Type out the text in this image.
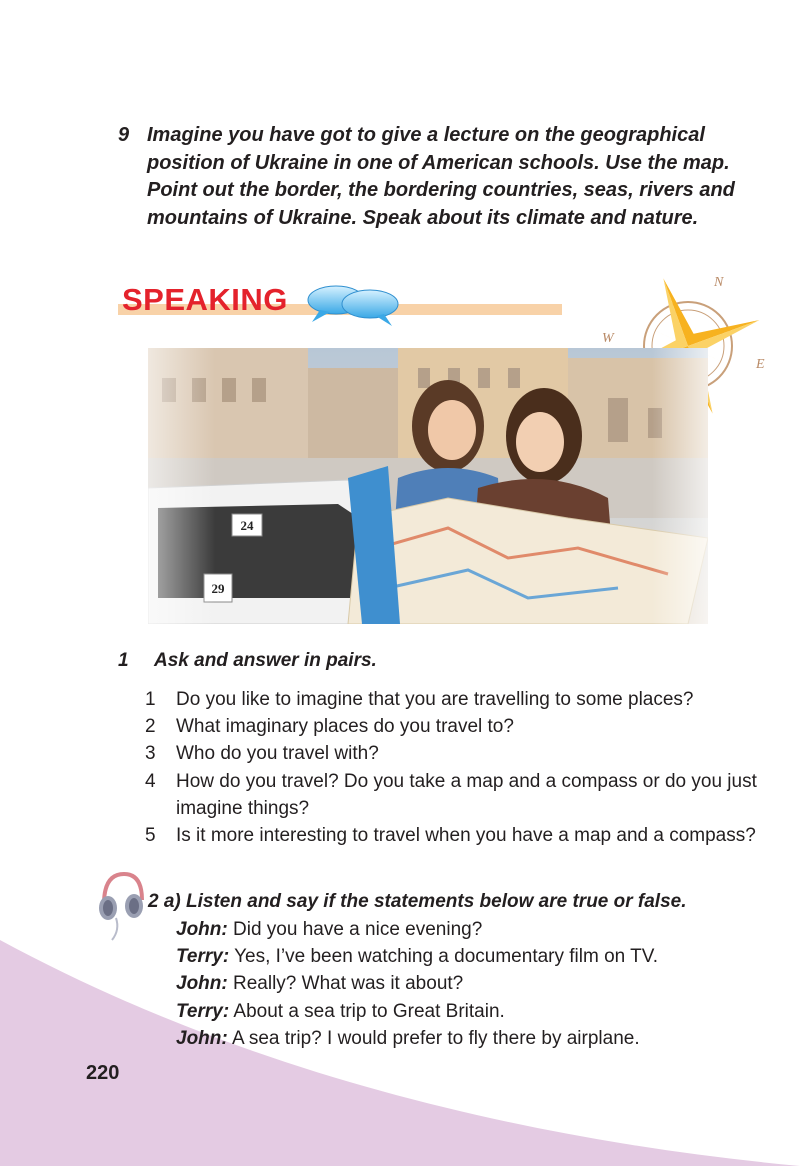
9 Imagine you have got to give a lecture on the geographical position of Ukraine in one of American schools. Use the map. Point out the border, the bordering countries, seas, rivers and mountains of Ukraine. Speak about its climate and nature.
SPEAKING	N
E
W
1 Ask and answer in pairs.
1 Do you like to imagine that you are travelling to some places?
2 What imaginary places do you travel to?
3 Who do you travel with?
4 How do you travel? Do you take a map and a compass or do you just imagine things?
5 Is it more interesting to travel when you have a map and a compass?
2 a) Listen and say if the statements below are true or false.
John: Did you have a nice evening?
Terry: Yes, I’ve been watching a documentary film on TV.
John: Really? What was it about?
Terry: About a sea trip to Great Britain.
John: A sea trip? I would prefer to fly there by airplane.
220
